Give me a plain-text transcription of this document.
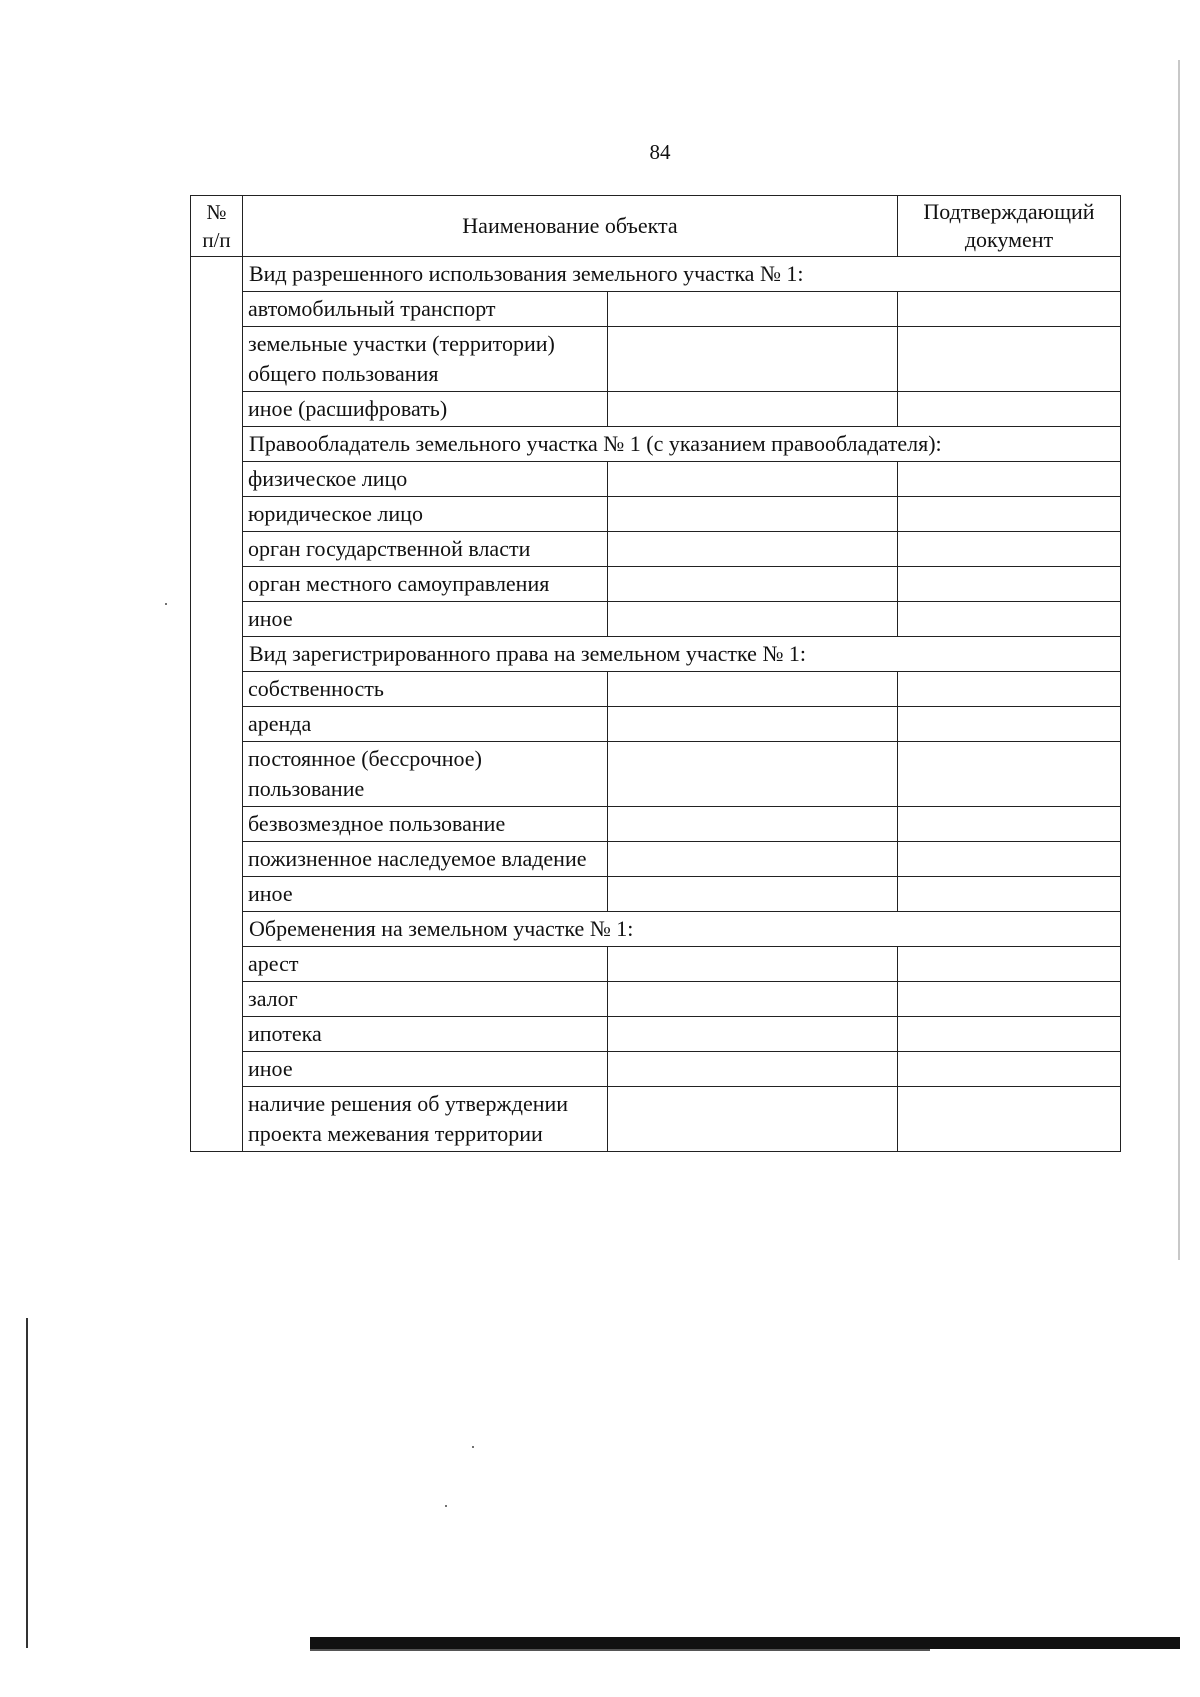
84
№ п/п	Наименование объекта		Подтверждающий документ
	Вид разрешенного использования земельного участка № 1:		
	автомобильный транспорт		
	земельные участки (территории) общего пользования		
	иное (расшифровать)		
	Правообладатель земельного участка № 1 (с указанием правообладателя):		
	физическое лицо		
	юридическое лицо		
	орган государственной власти		
	орган местного самоуправления		
	иное		
	Вид зарегистрированного права на земельном участке № 1:		
	собственность		
	аренда		
	постоянное (бессрочное) пользование		
	безвозмездное пользование		
	пожизненное наследуемое владение		
	иное		
	Обременения на земельном участке № 1:		
	арест		
	залог		
	ипотека		
	иное		
	наличие решения об утверждении проекта межевания территории		
